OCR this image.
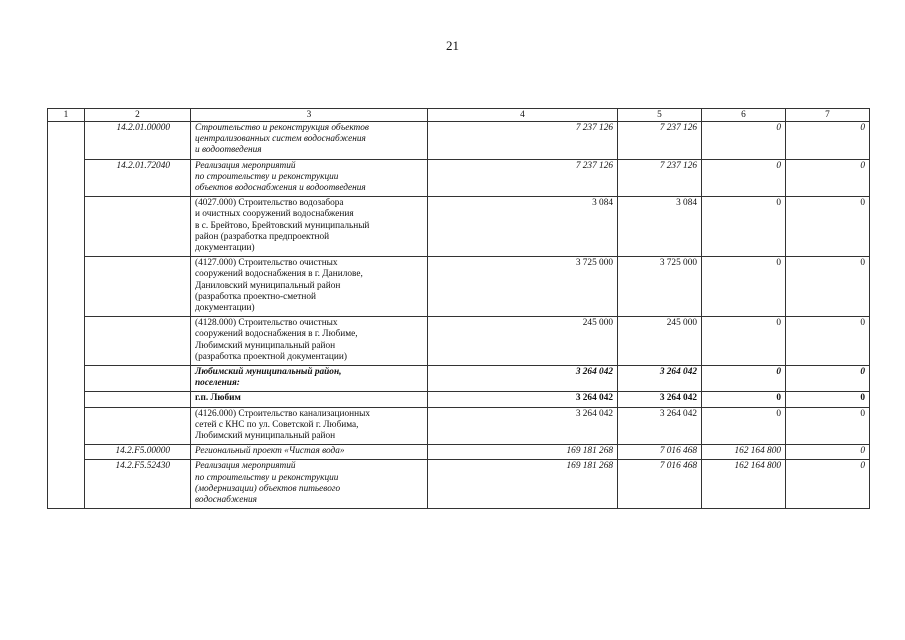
21
1	2	3	4	5	6	7
	14.2.01.00000	Строительство и реконструкция объектов
централизованных систем водоснабжения
и водоотведения	7 237 126	7 237 126	0	0
	14.2.01.72040	Реализация мероприятий
по строительству и реконструкции
объектов водоснабжения и водоотведения	7 237 126	7 237 126	0	0
		(4027.000) Строительство водозабора
и очистных сооружений водоснабжения
в с. Брейтово, Брейтовский муниципальный
район (разработка предпроектной
документации)	3 084	3 084	0	0
		(4127.000) Строительство очистных
сооружений водоснабжения в г. Данилове,
Даниловский муниципальный район
(разработка проектно-сметной
документации)	3 725 000	3 725 000	0	0
		(4128.000) Строительство очистных
сооружений водоснабжения в г. Любиме,
Любимский муниципальный район
(разработка проектной документации)	245 000	245 000	0	0
		Любимский муниципальный район,
поселения:	3 264 042	3 264 042	0	0
		г.п. Любим	3 264 042	3 264 042	0	0
		(4126.000) Строительство канализационных
сетей с КНС по ул. Советской г. Любима,
Любимский муниципальный район	3 264 042	3 264 042	0	0
	14.2.F5.00000	Региональный проект «Чистая вода»	169 181 268	7 016 468	162 164 800	0
	14.2.F5.52430	Реализация мероприятий
по строительству и реконструкции
(модернизации) объектов питьевого
водоснабжения	169 181 268	7 016 468	162 164 800	0
